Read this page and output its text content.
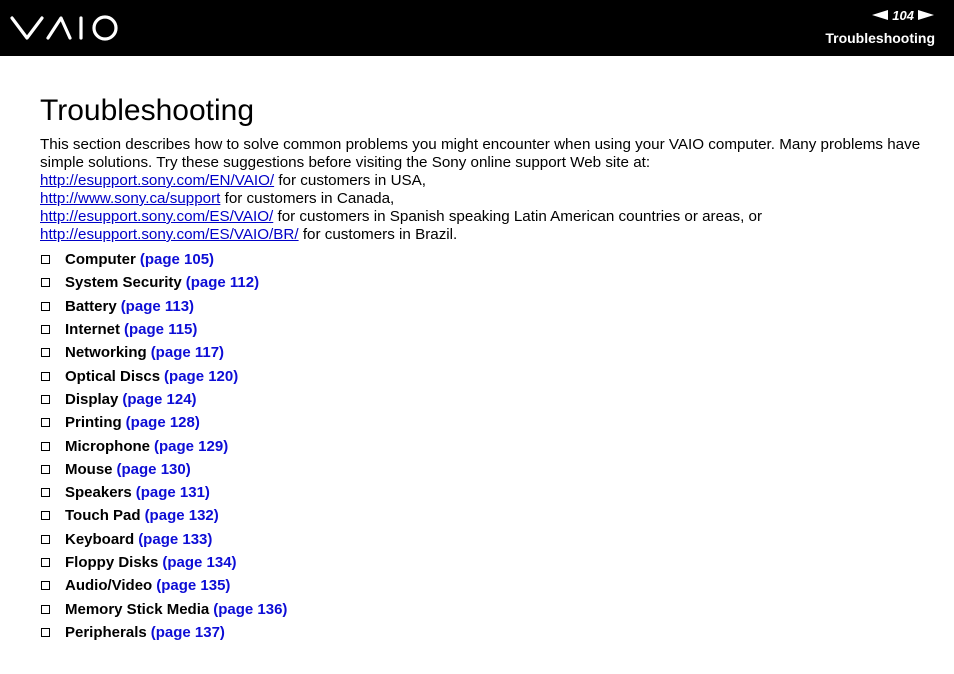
104
Troubleshooting
Troubleshooting
This section describes how to solve common problems you might encounter when using your VAIO computer. Many problems have simple solutions. Try these suggestions before visiting the Sony online support Web site at:
http://esupport.sony.com/EN/VAIO/ for customers in USA,
http://www.sony.ca/support for customers in Canada,
http://esupport.sony.com/ES/VAIO/ for customers in Spanish speaking Latin American countries or areas, or
http://esupport.sony.com/ES/VAIO/BR/ for customers in Brazil.
Computer (page 105)
System Security (page 112)
Battery (page 113)
Internet (page 115)
Networking (page 117)
Optical Discs (page 120)
Display (page 124)
Printing (page 128)
Microphone (page 129)
Mouse (page 130)
Speakers (page 131)
Touch Pad (page 132)
Keyboard (page 133)
Floppy Disks (page 134)
Audio/Video (page 135)
Memory Stick Media (page 136)
Peripherals (page 137)
